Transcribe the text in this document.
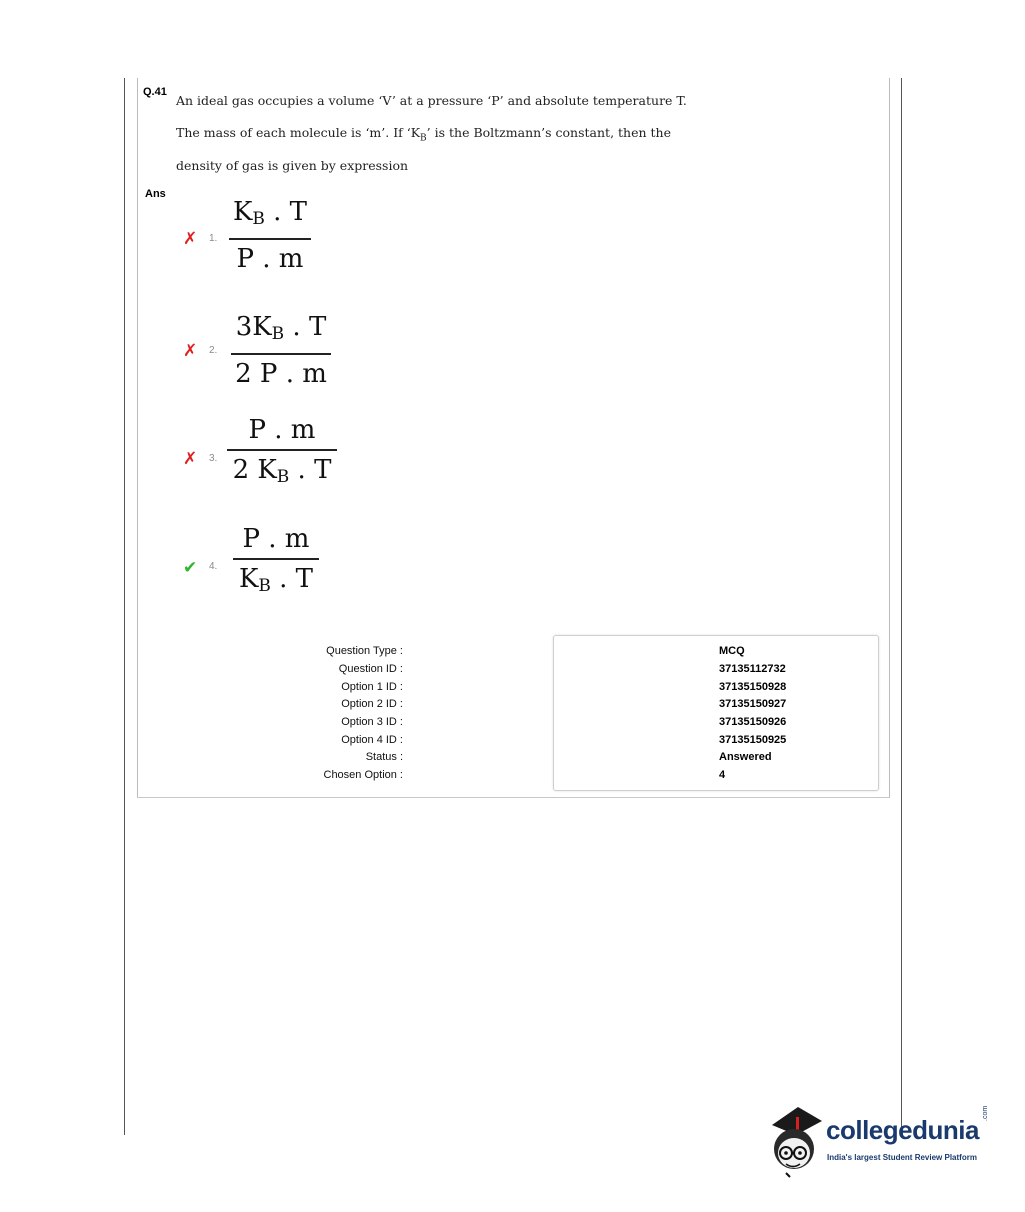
Q.41
An ideal gas occupies a volume ‘V’ at a pressure ‘P’ and absolute temperature T.
The mass of each molecule is ‘m’. If ‘$K_B$’ is the Boltzmann’s constant, then the
density of gas is given by expression
Ans
✗ 1.
$K_B$ . T
P . m
✗ 2.
$3K_B$ . T
2 P . m
✗ 3.
P . m
2 $K_B$ . T
✔ 4.
P . m
$K_B$ . T
Question Type :	MCQ
Question ID :	37135112732
Option 1 ID :	37135150928
Option 2 ID :	37135150927
Option 3 ID :	37135150926
Option 4 ID :	37135150925
Status :	Answered
Chosen Option :	4
collegedunia
.com
India's largest Student Review Platform
